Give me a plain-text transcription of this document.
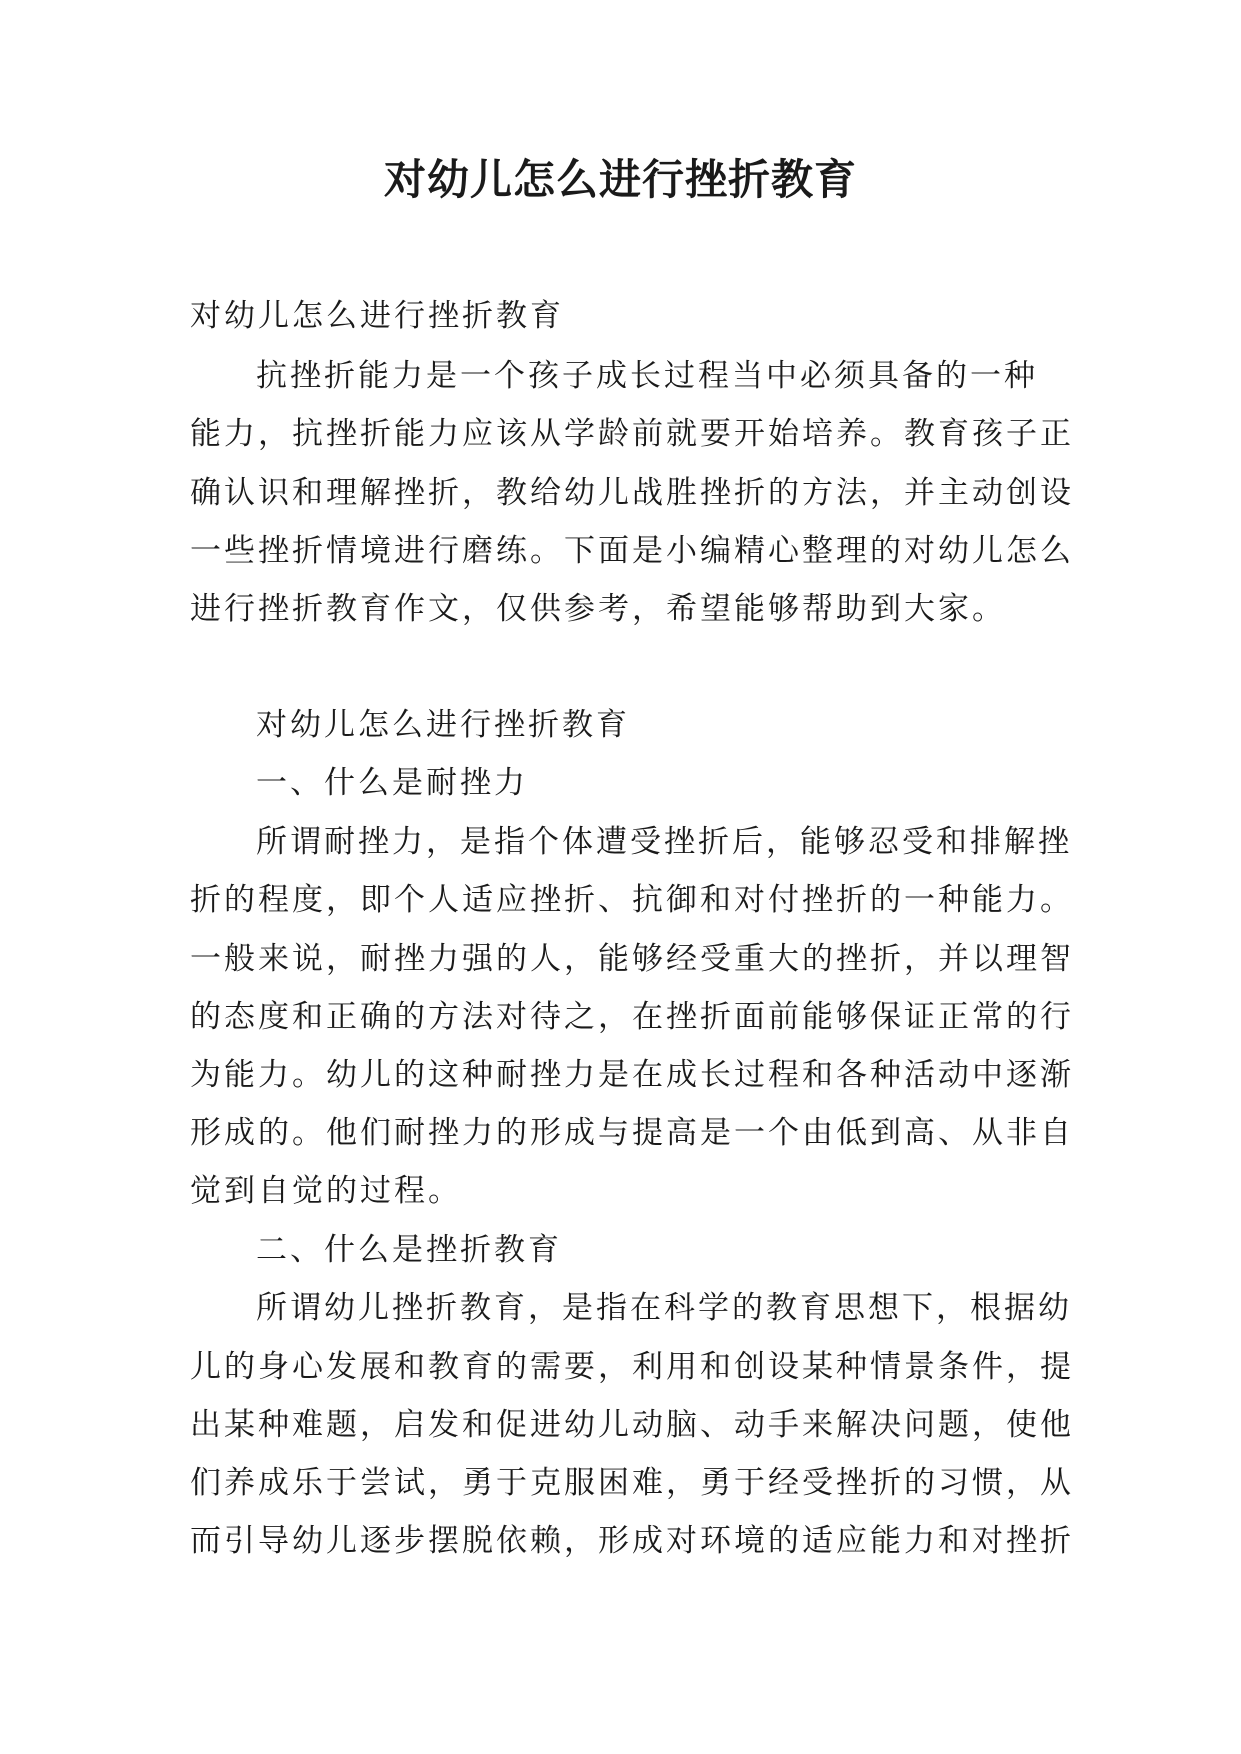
对幼儿怎么进行挫折教育
对幼儿怎么进行挫折教育
抗挫折能力是一个孩子成长过程当中必须具备的一种
能力，抗挫折能力应该从学龄前就要开始培养。教育孩子正
确认识和理解挫折，教给幼儿战胜挫折的方法，并主动创设
一些挫折情境进行磨练。下面是小编精心整理的对幼儿怎么
进行挫折教育作文，仅供参考，希望能够帮助到大家。
对幼儿怎么进行挫折教育
一、什么是耐挫力
所谓耐挫力，是指个体遭受挫折后，能够忍受和排解挫
折的程度，即个人适应挫折、抗御和对付挫折的一种能力。
一般来说，耐挫力强的人，能够经受重大的挫折，并以理智
的态度和正确的方法对待之，在挫折面前能够保证正常的行
为能力。幼儿的这种耐挫力是在成长过程和各种活动中逐渐
形成的。他们耐挫力的形成与提高是一个由低到高、从非自
觉到自觉的过程。
二、什么是挫折教育
所谓幼儿挫折教育，是指在科学的教育思想下，根据幼
儿的身心发展和教育的需要，利用和创设某种情景条件，提
出某种难题，启发和促进幼儿动脑、动手来解决问题，使他
们养成乐于尝试，勇于克服困难，勇于经受挫折的习惯，从
而引导幼儿逐步摆脱依赖，形成对环境的适应能力和对挫折
